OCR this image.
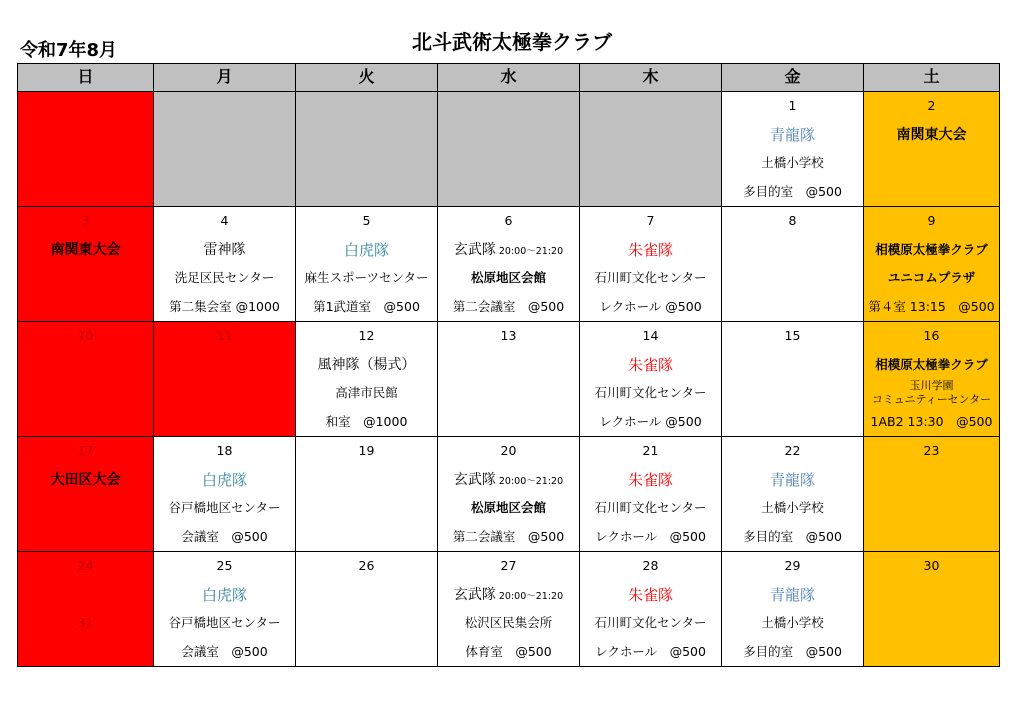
北斗武術太極拳クラブ
令和7年8月
日	月	火	水	木	金	土

					1
青龍隊
土橋小学校
多目的室　@500	2
南関東大会

3
南関東大会	4
雷神隊
洗足区民センター
第二集会室 @1000	5
白虎隊
麻生スポーツセンター
第1武道室　@500	6
玄武隊 20:00～21:20
松原地区会館
第二会議室　@500	7
朱雀隊
石川町文化センター
レクホール @500	8	9
相模原太極拳クラブ
ユニコムプラザ
第４室 13:15　@500

10	11	12
風神隊（楊式）
高津市民館
和室　@1000	13	14
朱雀隊
石川町文化センター
レクホール @500	15	16
相模原太極拳クラブ
玉川学園
コミュニティーセンター
1AB2 13:30　@500

17
大田区大会	18
白虎隊
谷戸橋地区センター
会議室　@500	19	20
玄武隊 20:00～21:20
松原地区会館
第二会議室　@500	21
朱雀隊
石川町文化センター
レクホール　@500	22
青龍隊
土橋小学校
多目的室　@500	23

24
31	25
白虎隊
谷戸橋地区センター
会議室　@500	26	27
玄武隊 20:00～21:20
松沢区民集会所
体育室　@500	28
朱雀隊
石川町文化センター
レクホール　@500	29
青龍隊
土橋小学校
多目的室　@500	30
